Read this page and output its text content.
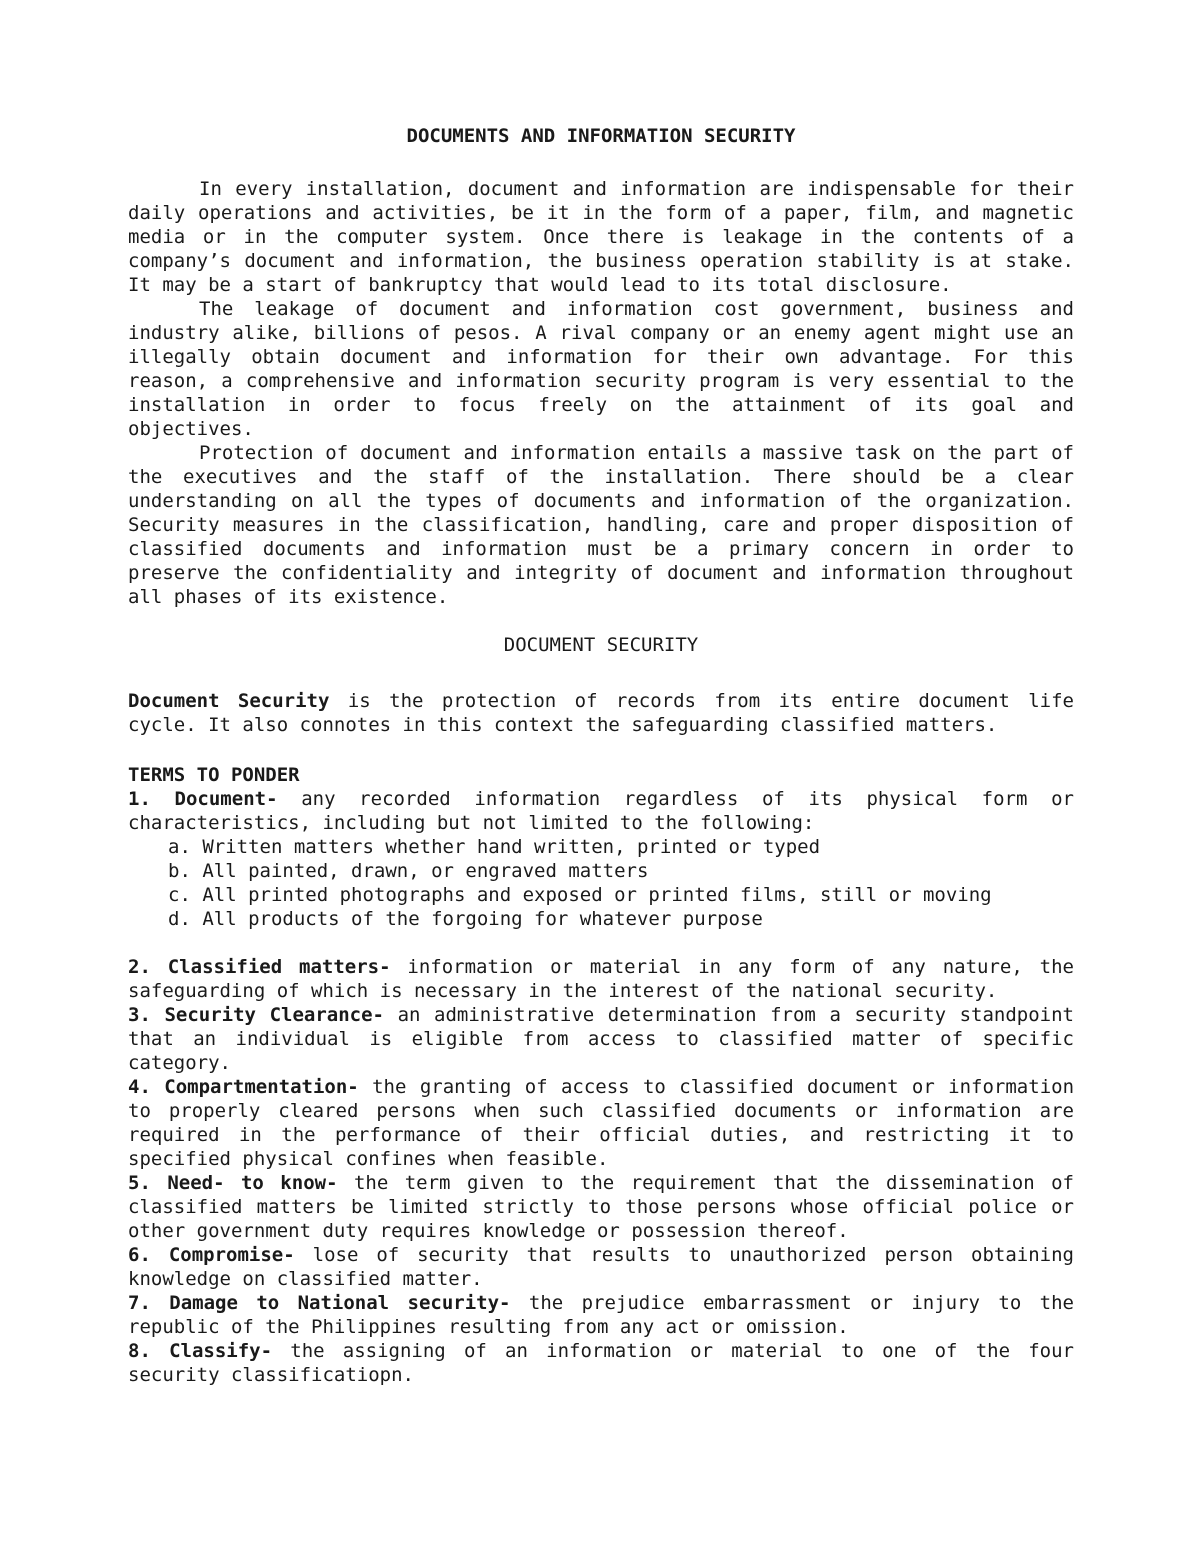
DOCUMENTS AND INFORMATION SECURITY

In every installation, document and information are indispensable for their daily operations and activities, be it in the form of a paper, film, and magnetic media or in the computer system. Once there is leakage in the contents of a company’s document and information, the business operation stability is at stake. It may be a start of bankruptcy that would lead to its total disclosure.

The leakage of document and information cost government, business and industry alike, billions of pesos. A rival company or an enemy agent might use an illegally obtain document and information for their own advantage. For this reason, a comprehensive and information security program is very essential to the installation in order to focus freely on the attainment of its goal and objectives.

Protection of document and information entails a massive task on the part of the executives and the staff of the installation. There should be a clear understanding on all the types of documents and information of the organization. Security measures in the classification, handling, care and proper disposition of classified documents and information must be a primary concern in order to preserve the confidentiality and integrity of document and information throughout all phases of its existence.

DOCUMENT SECURITY

Document Security is the protection of records from its entire document life cycle. It also connotes in this context the safeguarding classified matters.

TERMS TO PONDER

1. Document- any recorded information regardless of its physical form or characteristics, including but not limited to the following:

a. Written matters whether hand written, printed or typed
b. All painted, drawn, or engraved matters
c. All printed photographs and exposed or printed films, still or moving
d. All products of the forgoing for whatever purpose

2. Classified matters- information or material in any form of any nature, the safeguarding of which is necessary in the interest of the national security.

3. Security Clearance- an administrative determination from a security standpoint that an individual is eligible from access to classified matter of specific category.

4. Compartmentation- the granting of access to classified document or information to properly cleared persons when such classified documents or information are required in the performance of their official duties, and restricting it to specified physical confines when feasible.

5. Need- to know- the term given to the requirement that the dissemination of classified matters be limited strictly to those persons whose official police or other government duty requires knowledge or possession thereof.

6. Compromise- lose of security that results to unauthorized person obtaining knowledge on classified matter.

7. Damage to National security- the prejudice embarrassment or injury to the republic of the Philippines resulting from any act or omission.

8. Classify- the assigning of an information or material to one of the four security classificatiopn.
